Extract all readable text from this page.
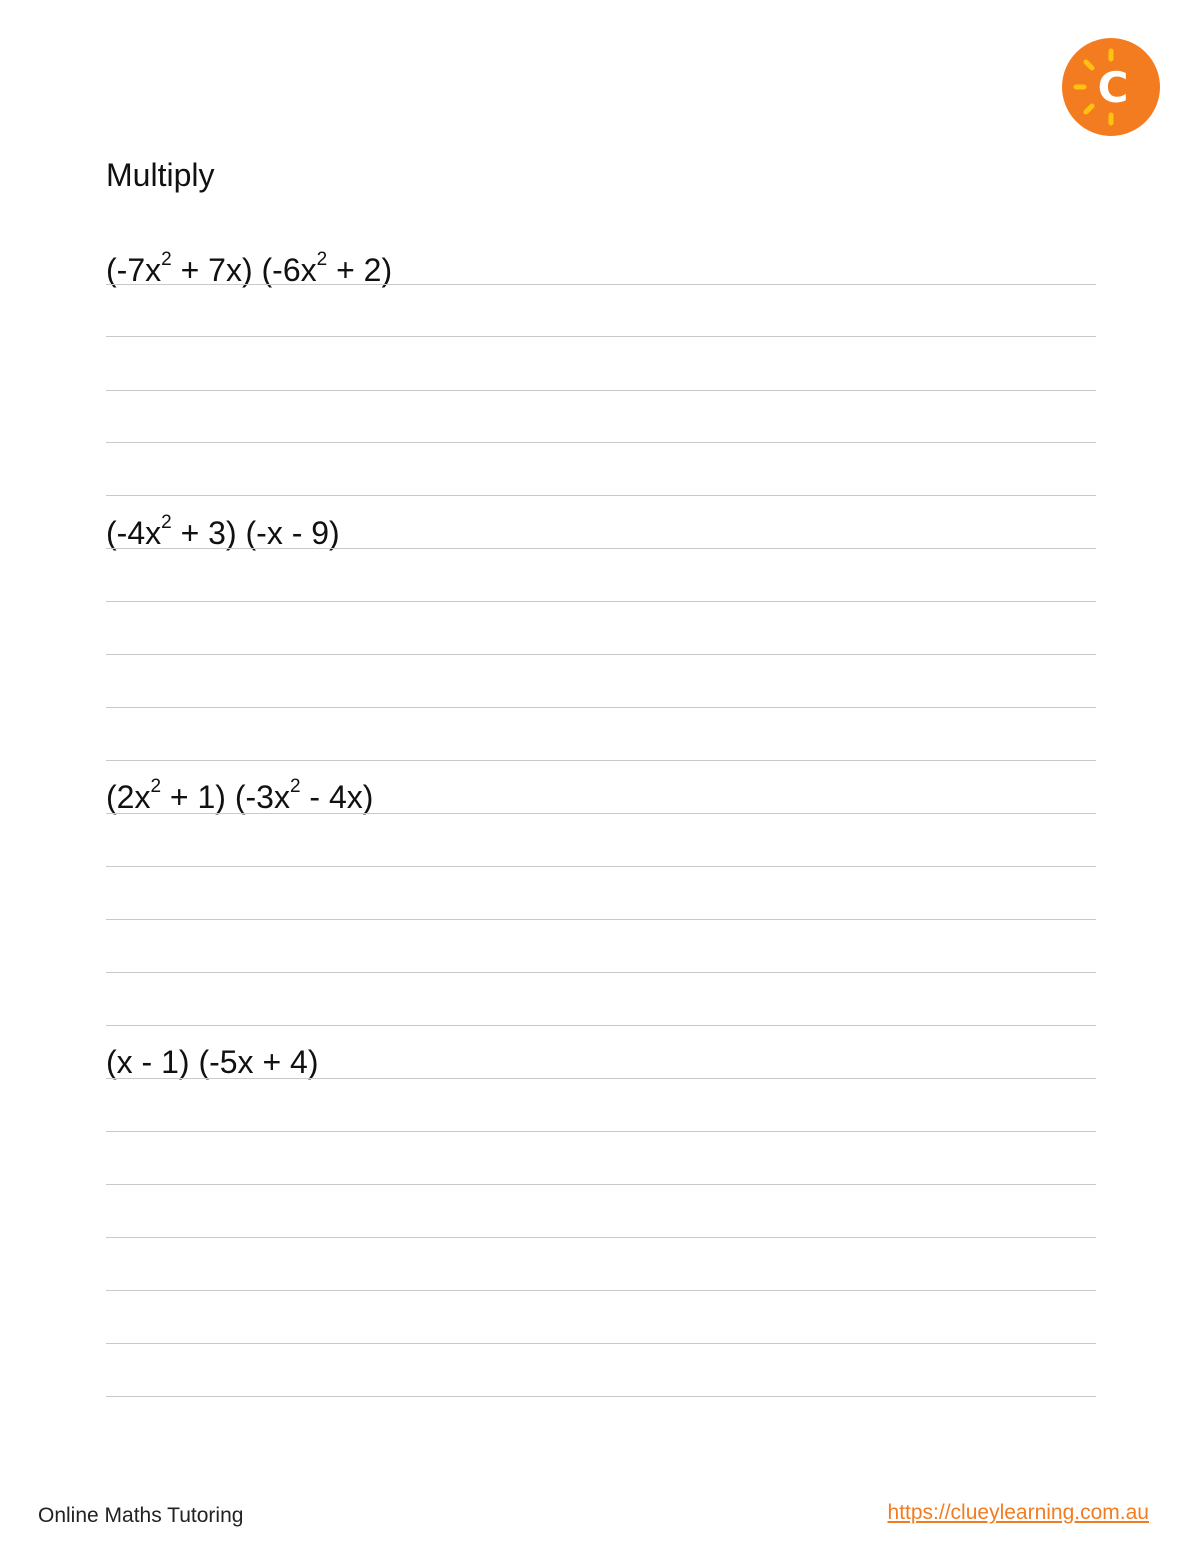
C
Multiply
$(-7x^2 + 7x) (-6x^2 + 2)$
$(-4x^2 + 3)$ (-x - 9)
$(2x^2 + 1)$ $(-3x^2 - 4x)$
(x - 1) (-5x + 4)
Online Maths Tutoring	https://clueylearning.com.au
